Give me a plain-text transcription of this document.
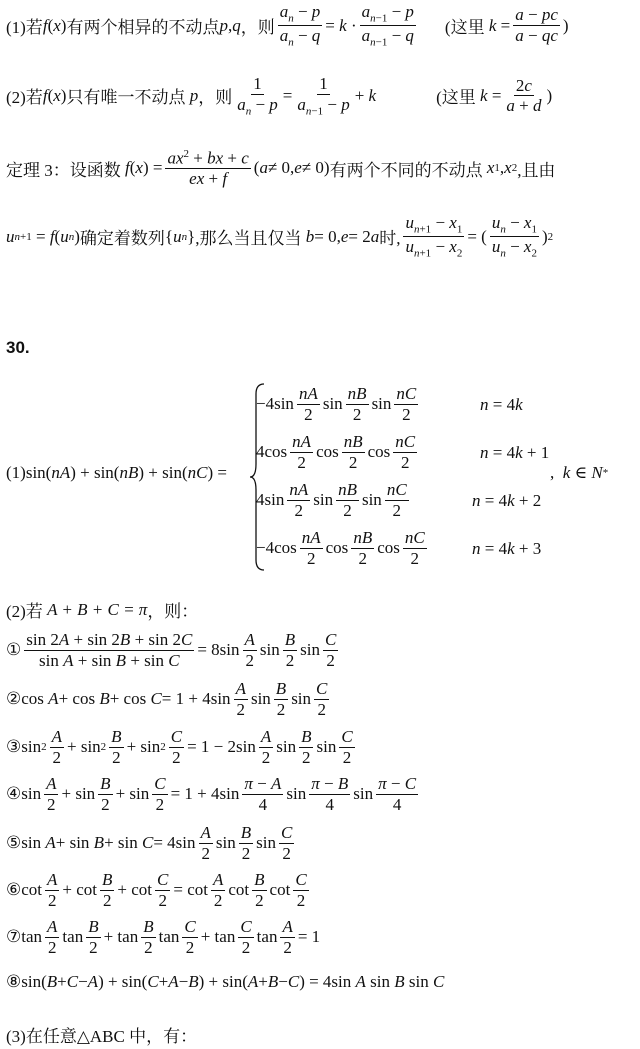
(1)若 f ( x ) 有两个相异的不动点 p , q ，则 $\frac{a_n - p}{a_n - q} = k \cdot \frac{a_{n-1} - p}{a_{n-1} - q}$ (这里 $k = \frac{a - pc}{a - qc}$ )
(2)若 f ( x ) 只有唯一不动点 p ，则 $\frac{1}{a_n - p} = \frac{1}{a_{n-1} - p} + k$	(这里 $k = \frac{2c}{a + d}$ )
定理 3：设函数 f ( x ) = $\frac{ax^2 + bx + c}{ex + f}$ ( a ≠ 0, e ≠ 0) 有两个不同的不动点 x 1 , x 2 ,且由
u n+1 = f ( u n ) 确定着数列 { u n } ,那么当且仅当 b = 0, e = 2 a 时, $\frac{u_{n+1} - x_1}{u_{n+1} - x_2}$ = ( $\frac{u_n - x_1}{u_n - x_2}$ ) 2
30.
(1) sin( nA ) + sin( nB ) + sin( nC ) =
$-4\sin \frac{nA}{2}$ $\sin \frac{nB}{2}$ $\sin \frac{nC}{2}$	n = 4k
$4\cos \frac{nA}{2}$ $\cos \frac{nB}{2}$ $\cos \frac{nC}{2}$	n = 4k + 1
$4\sin \frac{nA}{2}$ $\sin \frac{nB}{2}$ $\sin \frac{nC}{2}$	n = 4k + 2
$-4\cos \frac{nA}{2}$ $\cos \frac{nB}{2}$ $\cos \frac{nC}{2}$	n = 4k + 3
, k ∈ N *
(2)若
A + B + C = π ，则：
① $\frac{\sin 2A + \sin 2B + \sin 2C}{\text{sin A + sin B + sin C}} = 8\sin \frac{A}{2}$ $\sin \frac{B}{2}$ $\sin \frac{C}{2}$
② $\cos A + \cos B + \cos C = 1 + 4\sin \frac{A}{2}$ $\sin \frac{B}{2}$ $\sin \frac{C}{2}$
③ $\sin 2 \frac{A}{2} + \sin 2 \frac{B}{2} + \sin 2 \frac{C}{2} = 1 - 2\sin \frac{A}{2}$ $\sin \frac{B}{2}$ $\sin \frac{C}{2}$
④ $\sin \frac{A}{2} + \sin \frac{B}{2} + \sin \frac{C}{2} = 1 + 4\sin \frac{\pi - A}{4}$ $\sin \frac{\pi - B}{4}$ $\sin \frac{\pi - C}{4}$
⑤ $\sin A + \sin B + \sin C = 4\sin \frac{A}{2}$ $\sin \frac{B}{2}$ $\sin \frac{C}{2}$
⑥ $\cot \frac{A}{2} + \cot \frac{B}{2} + \cot \frac{C}{2} = \cot \frac{A}{2}$ $\cot \frac{B}{2}$ $\cot \frac{C}{2}$
⑦ $\tan \frac{A}{2}$ $\tan \frac{B}{2} + \tan \frac{B}{2}$ $\tan \frac{C}{2} + \tan \frac{C}{2}$ $\tan \frac{A}{2} = 1$
⑧ sin( B + C − A ) + sin( C + A − B ) + sin( A + B − C ) = 4sin A sin B sin C
(3)在任意△ABC 中，有：
